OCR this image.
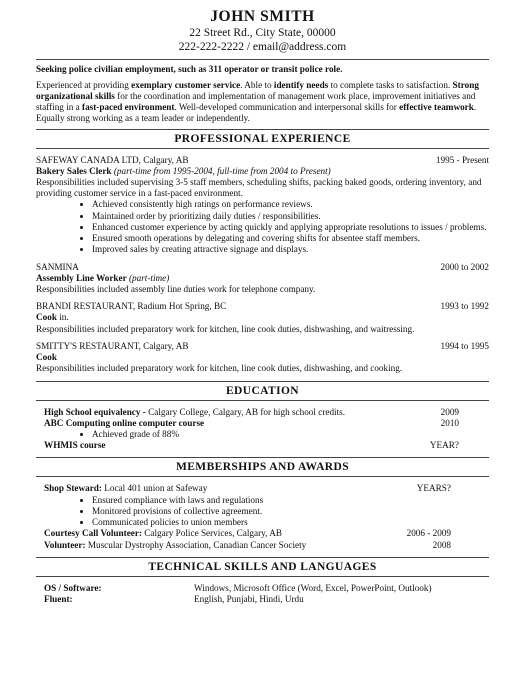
JOHN SMITH
22 Street Rd., City State, 00000
222-222-2222 / email@address.com
Seeking police civilian employment, such as 311 operator or transit police role.
Experienced at providing exemplary customer service. Able to identify needs to complete tasks to satisfaction. Strong organizational skills for the coordination and implementation of management work place, improvement initiatives and staffing in a fast-paced environment. Well-developed communication and interpersonal skills for effective teamwork. Equally strong working as a team leader or independently.
PROFESSIONAL EXPERIENCE
SAFEWAY CANADA LTD, Calgary, AB	1995 - Present
Bakery Sales Clerk (part-time from 1995-2004, full-time from 2004 to Present)
Responsibilities included supervising 3-5 staff members, scheduling shifts, packing baked goods, ordering inventory, and providing customer service in a fast-paced environment.
• Achieved consistently high ratings on performance reviews.
• Maintained order by prioritizing daily duties / responsibilities.
• Enhanced customer experience by acting quickly and applying appropriate resolutions to issues / problems.
• Ensured smooth operations by delegating and covering shifts for absentee staff members.
• Improved sales by creating attractive signage and displays.
SANMINA	2000 to 2002
Assembly Line Worker (part-time)
Responsibilities included assembly line duties work for telephone company.
BRANDI RESTAURANT, Radium Hot Spring, BC	1993 to 1992
Cook in.
Responsibilities included preparatory work for kitchen, line cook duties, dishwashing, and waitressing.
SMITTY'S RESTAURANT, Calgary, AB	1994 to 1995
Cook
Responsibilities included preparatory work for kitchen, line cook duties, dishwashing, and cooking.
EDUCATION
High School equivalency - Calgary College, Calgary, AB for high school credits.	2009
ABC Computing online computer course	2010
• Achieved grade of 88%
WHMIS course	YEAR?
MEMBERSHIPS AND AWARDS
Shop Steward: Local 401 union at Safeway	YEARS?
• Ensured compliance with laws and regulations
• Monitored provisions of collective agreement.
• Communicated policies to union members
Courtesy Call Volunteer: Calgary Police Services, Calgary, AB	2006 - 2009
Volunteer: Muscular Dystrophy Association, Canadian Cancer Society	2008
TECHNICAL SKILLS AND LANGUAGES
OS / Software:	Windows, Microsoft Office (Word, Excel, PowerPoint, Outlook)
Fluent:	English, Punjabi, Hindi, Urdu
